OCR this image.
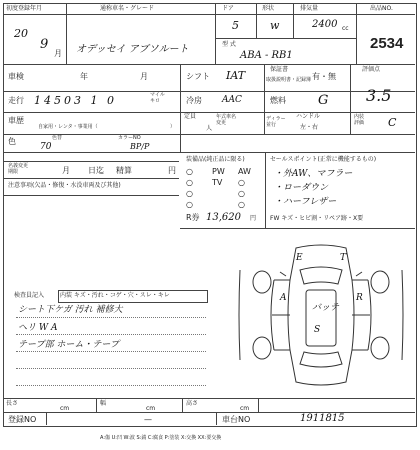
初度登録年月
20
9
月
通称車名・グレード
オデッセイ アブソルート
ドア
5
形状
w
排気量
2400 cc
型 式
ABA - RB1
出品NO.
2534
車検	年	月	シフト IAT	保証書
取扱説明書・記録簿 有・無
評価点
3.5
走行 14503 1 0	マイル
キロ	冷房 AAC	燃料 G
車歴
自家用・レンタ・事業用（	）
定員
人
年式車名
変更
ディラー
並行
ハンドル
左・右
内装
評価 C
色	色替
70
カラーNO
BP/P
名義変更
期限	月 日迄 精算	円
注意事項(欠品・修復・水没車両及び其他)
装備品(純正品に限る)
○ PW AW
○ TV ○
○	○
○	○
R券 13,620 円 FW キズ・ヒビ割・リペア跡・X要
セールスポイント(正常に機能するもの)
・外AW、マフラー
・ローダウン
・ハーフレザー
検査員記入	内装 キズ・汚れ・コゲ・穴・スレ・キレ
シート下ケガ 汚れ 補修大
ヘリ W A
テープ部 ホーム・テープ
S
A	R
E	T
バッテ
長さ
cm
幅
cm
高さ
cm
登録NO	—	車台NO	1911815
A:傷 U:凹 W:波 S:錆 C:腐食 P:塗装 X:交換 XX:要交換
